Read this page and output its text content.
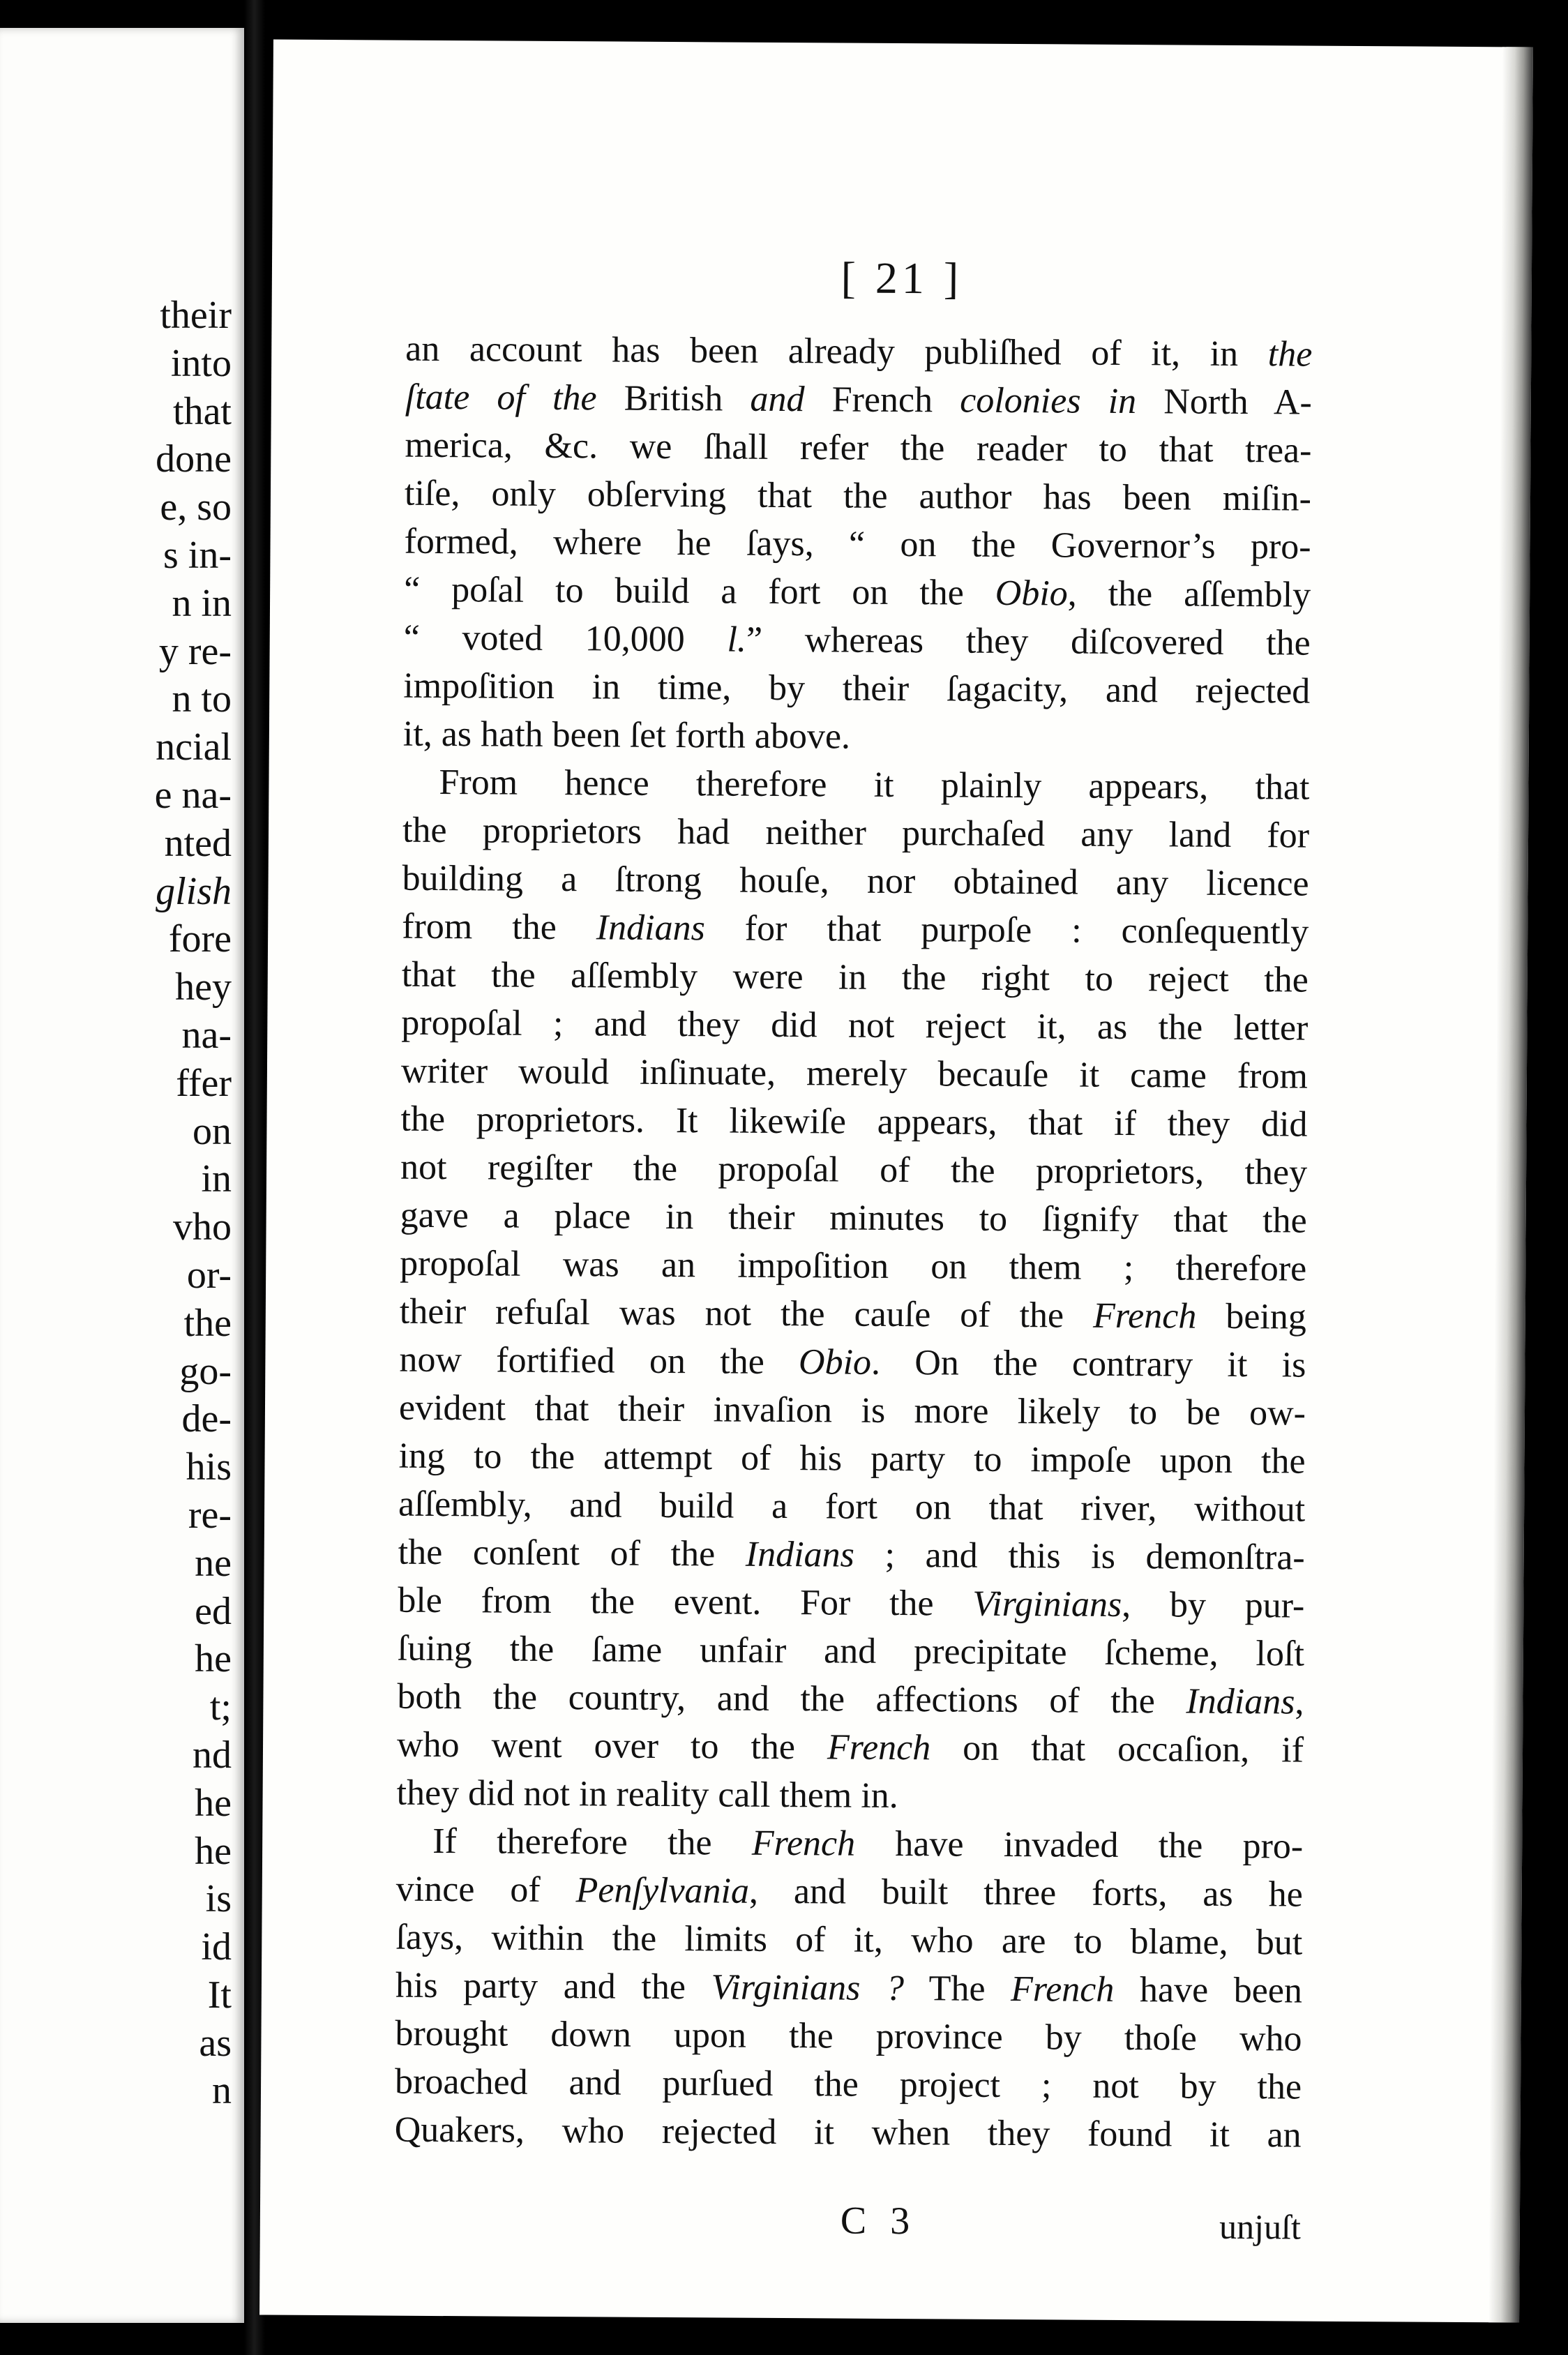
their
into
that
done
e, so
s in-
n in
y re-
n to
ncial
e na-
nted
glish
fore
hey
na-
ffer
on
in
vho
or-
the
go-
de-
his
re-
ne
ed
he
t;
nd
he
he
is
id
It
as
n
[ 21 ]
an account has been already publiſhed of it, in the
ſtate of the British and French colonies in North A-
merica, &c. we ſhall refer the reader to that trea-
tiſe, only obſerving that the author has been miſin-
formed, where he ſays, “ on the Governor’s pro-
“ poſal to build a fort on the Obio, the aſſembly
“ voted 10,000 l.” whereas they diſcovered the
impoſition in time, by their ſagacity, and rejected
it, as hath been ſet forth above.
From hence therefore it plainly appears, that
the proprietors had neither purchaſed any land for
building a ſtrong houſe, nor obtained any licence
from the Indians for that purpoſe : conſequently
that the aſſembly were in the right to reject the
propoſal ; and they did not reject it, as the letter
writer would inſinuate, merely becauſe it came from
the proprietors. It likewiſe appears, that if they did
not regiſter the propoſal of the proprietors, they
gave a place in their minutes to ſignify that the
propoſal was an impoſition on them ; therefore
their refuſal was not the cauſe of the French being
now fortified on the Obio. On the contrary it is
evident that their invaſion is more likely to be ow-
ing to the attempt of his party to impoſe upon the
aſſembly, and build a fort on that river, without
the conſent of the Indians ; and this is demonſtra-
ble from the event. For the Virginians, by pur-
ſuing the ſame unfair and precipitate ſcheme, loſt
both the country, and the affections of the Indians,
who went over to the French on that occaſion, if
they did not in reality call them in.
If therefore the French have invaded the pro-
vince of Penſylvania, and built three forts, as he
ſays, within the limits of it, who are to blame, but
his party and the Virginians ? The French have been
brought down upon the province by thoſe who
broached and purſued the project ; not by the
Quakers, who rejected it when they found it an
C 3	unjuſt
